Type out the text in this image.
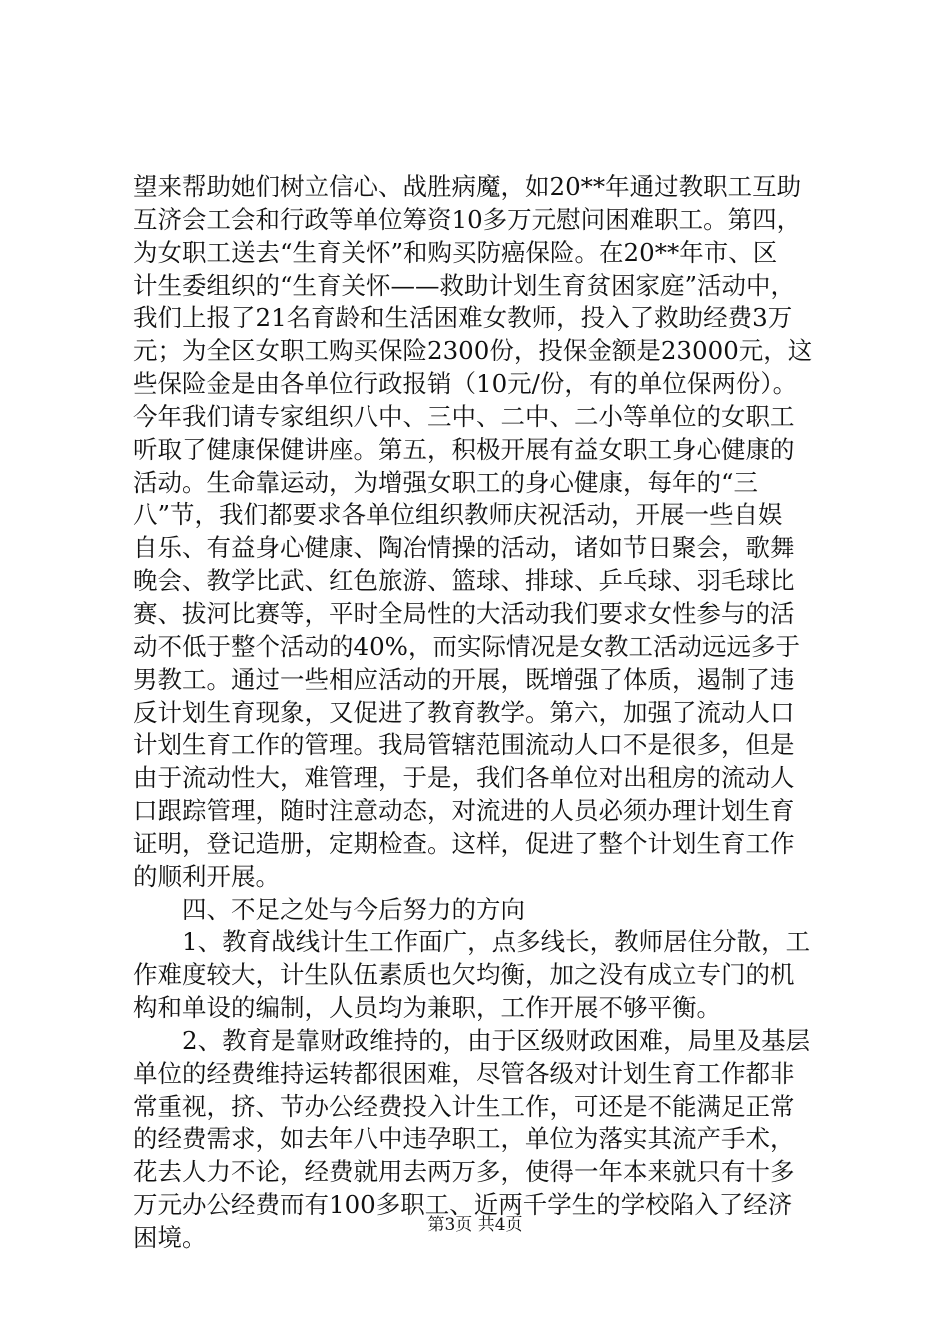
望来帮助她们树立信心、战胜病魔，如20**年通过教职工互助
互济会工会和行政等单位筹资10多万元慰问困难职工。第四，
为女职工送去“生育关怀”和购买防癌保险。在20**年市、区
计生委组织的“生育关怀——救助计划生育贫困家庭”活动中，
我们上报了21名育龄和生活困难女教师，投入了救助经费3万
元；为全区女职工购买保险2300份，投保金额是23000元，这
些保险金是由各单位行政报销（10元/份，有的单位保两份）。
今年我们请专家组织八中、三中、二中、二小等单位的女职工
听取了健康保健讲座。第五，积极开展有益女职工身心健康的
活动。生命靠运动，为增强女职工的身心健康，每年的“三
八”节，我们都要求各单位组织教师庆祝活动，开展一些自娱
自乐、有益身心健康、陶冶情操的活动，诸如节日聚会，歌舞
晚会、教学比武、红色旅游、篮球、排球、乒乓球、羽毛球比
赛、拔河比赛等，平时全局性的大活动我们要求女性参与的活
动不低于整个活动的40%，而实际情况是女教工活动远远多于
男教工。通过一些相应活动的开展，既增强了体质，遏制了违
反计划生育现象，又促进了教育教学。第六，加强了流动人口
计划生育工作的管理。我局管辖范围流动人口不是很多，但是
由于流动性大，难管理，于是，我们各单位对出租房的流动人
口跟踪管理，随时注意动态，对流进的人员必须办理计划生育
证明，登记造册，定期检查。这样，促进了整个计划生育工作
的顺利开展。
　　四、不足之处与今后努力的方向
　　1、教育战线计生工作面广，点多线长，教师居住分散，工
作难度较大，计生队伍素质也欠均衡，加之没有成立专门的机
构和单设的编制，人员均为兼职，工作开展不够平衡。
　　2、教育是靠财政维持的，由于区级财政困难，局里及基层
单位的经费维持运转都很困难，尽管各级对计划生育工作都非
常重视，挤、节办公经费投入计生工作，可还是不能满足正常
的经费需求，如去年八中违孕职工，单位为落实其流产手术，
花去人力不论，经费就用去两万多，使得一年本来就只有十多
万元办公经费而有100多职工、近两千学生的学校陷入了经济
困境。	第3页 共4页
